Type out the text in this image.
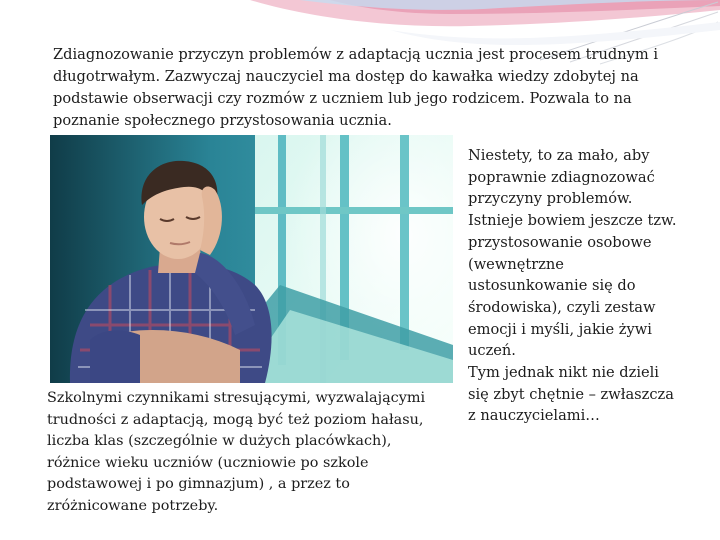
Zdiagnozowanie przyczyn problemów z adaptacją ucznia jest procesem trudnym i długotrwałym. Zazwyczaj nauczyciel ma dostęp do kawałka wiedzy zdobytej na podstawie obserwacji czy rozmów z uczniem lub jego rodzicem. Pozwala to na poznanie społecznego przystosowania ucznia.

Szkolnymi czynnikami stresującymi, wyzwalającymi trudności z adaptacją, mogą być też poziom hałasu, liczba klas (szczególnie w dużych placówkach), różnice wieku uczniów (uczniowie po szkole podstawowej i po gimnazjum) , a przez to zróżnicowane potrzeby.

Niestety, to za mało, aby poprawnie zdiagnozować przyczyny problemów. Istnieje bowiem jeszcze tzw. przystosowanie osobowe (wewnętrzne ustosunkowanie się do środowiska), czyli zestaw emocji i myśli, jakie żywi uczeń.
Tym jednak nikt nie dzieli się zbyt chętnie – zwłaszcza z nauczycielami…
